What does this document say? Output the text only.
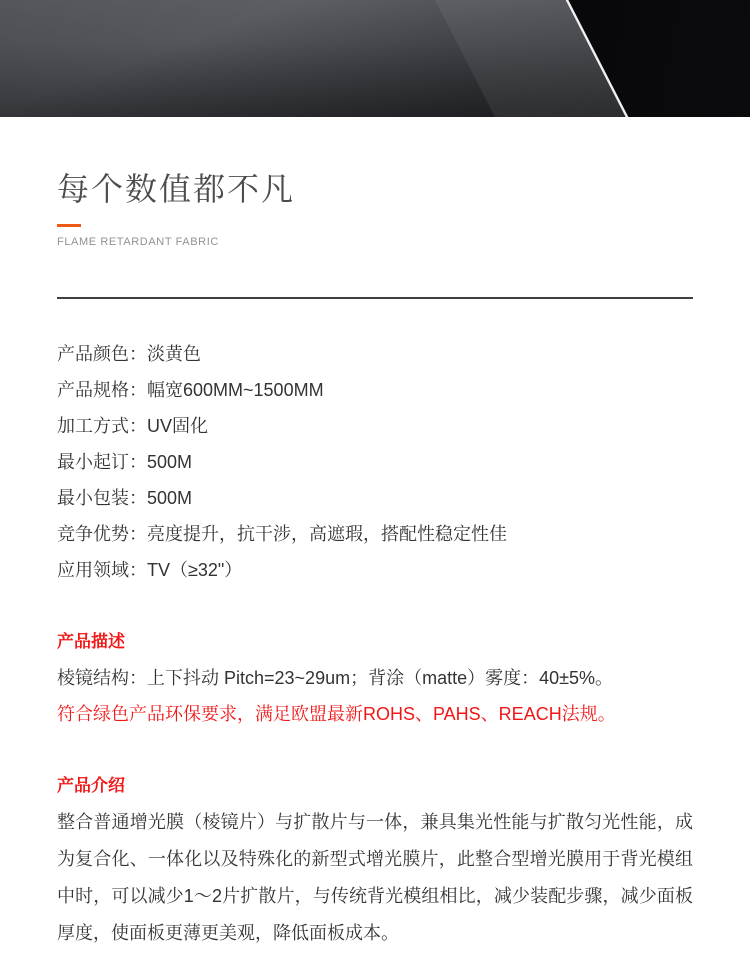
每个数值都不凡
FLAME RETARDANT FABRIC
产品颜色：淡黄色
产品规格：幅宽600MM~1500MM
加工方式：UV固化
最小起订：500M
最小包装：500M
竞争优势：亮度提升，抗干涉，高遮瑕，搭配性稳定性佳
应用领域：TV（≥32"）
产品描述
棱镜结构：上下抖动 Pitch=23~29um；背涂（matte）雾度：40±5%。
符合绿色产品环保要求，满足欧盟最新ROHS、PAHS、REACH法规。
产品介绍
整合普通增光膜（棱镜片）与扩散片与一体，兼具集光性能与扩散匀光性能，成为复合化、一体化以及特殊化的新型式增光膜片，此整合型增光膜用于背光模组中时，可以减少1～2片扩散片，与传统背光模组相比，减少装配步骤，减少面板厚度，使面板更薄更美观，降低面板成本。
